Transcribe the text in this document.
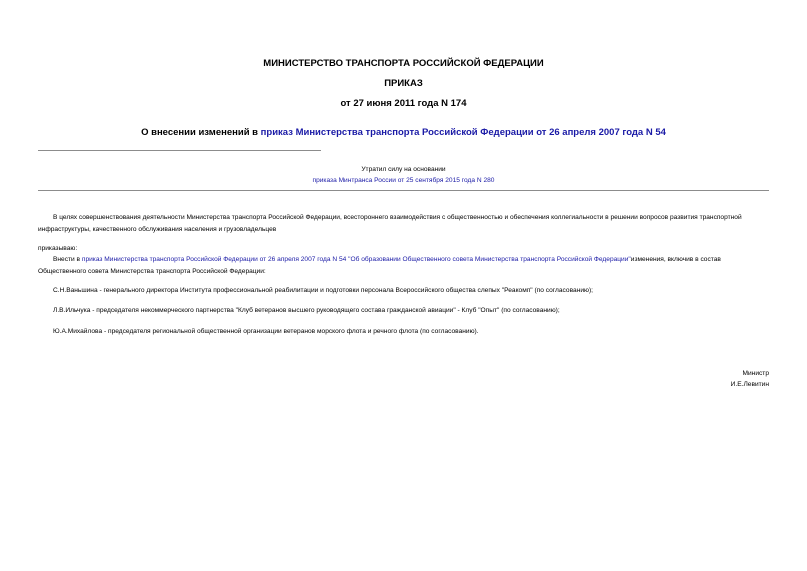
МИНИСТЕРСТВО ТРАНСПОРТА РОССИЙСКОЙ ФЕДЕРАЦИИ
ПРИКАЗ
от 27 июня 2011 года N 174
О внесении изменений в приказ Министерства транспорта Российской Федерации от 26 апреля 2007 года N 54
Утратил силу на основании
приказа Минтранса России от 25 сентября 2015 года N 280
В целях совершенствования деятельности Министерства транспорта Российской Федерации, всестороннего взаимодействия с общественностью и обеспечения коллегиальности в решении вопросов развития транспортной инфраструктуры, качественного обслуживания населения и грузовладельцев
приказываю:
Внести в приказ Министерства транспорта Российской Федерации от 26 апреля 2007 года N 54 "Об образовании Общественного совета Министерства транспорта Российской Федерации"изменения, включив в состав Общественного совета Министерства транспорта Российской Федерации:
С.Н.Ваньшина - генерального директора Института профессиональной реабилитации и подготовки персонала Всероссийского общества слепых "Реакомп" (по согласованию);
Л.В.Ильчука - председателя некоммерческого партнерства "Клуб ветеранов высшего руководящего состава гражданской авиации" - Клуб "Опыт" (по согласованию);
Ю.А.Михайлова - председателя региональной общественной организации ветеранов морского флота и речного флота (по согласованию).
Министр
И.Е.Левитин
